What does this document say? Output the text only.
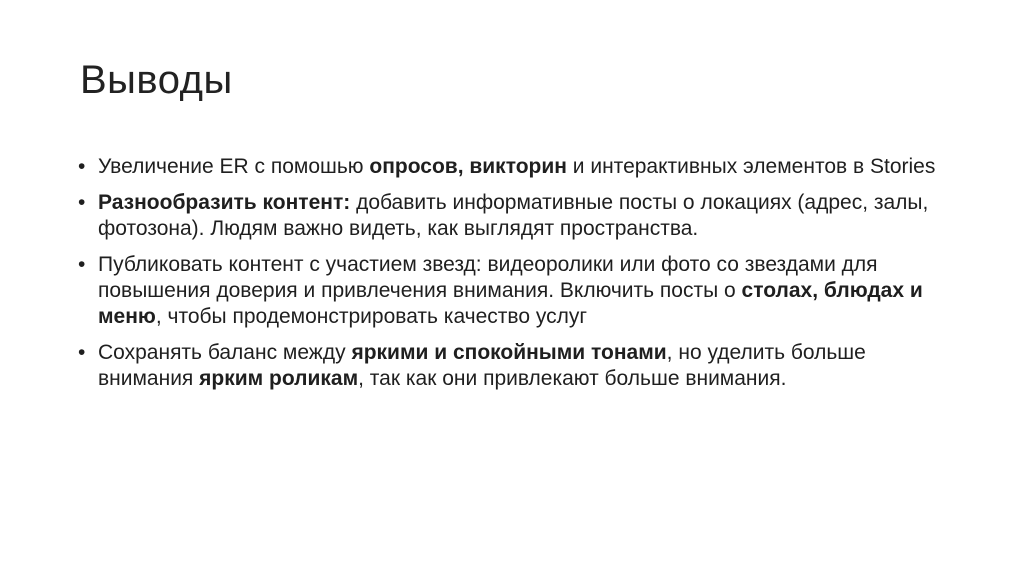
Выводы
• Увеличение ER с помошью опросов, викторин и интерактивных элементов в Stories
• Разнообразить контент: добавить информативные посты о локациях (адрес, залы, фотозона). Людям важно видеть, как выглядят пространства.
• Публиковать контент с участием звезд: видеоролики или фото со звездами для повышения доверия и привлечения внимания. Включить посты о столах, блюдах и меню, чтобы продемонстрировать качество услуг
• Сохранять баланс между яркими и спокойными тонами, но уделить больше внимания ярким роликам, так как они привлекают больше внимания.
